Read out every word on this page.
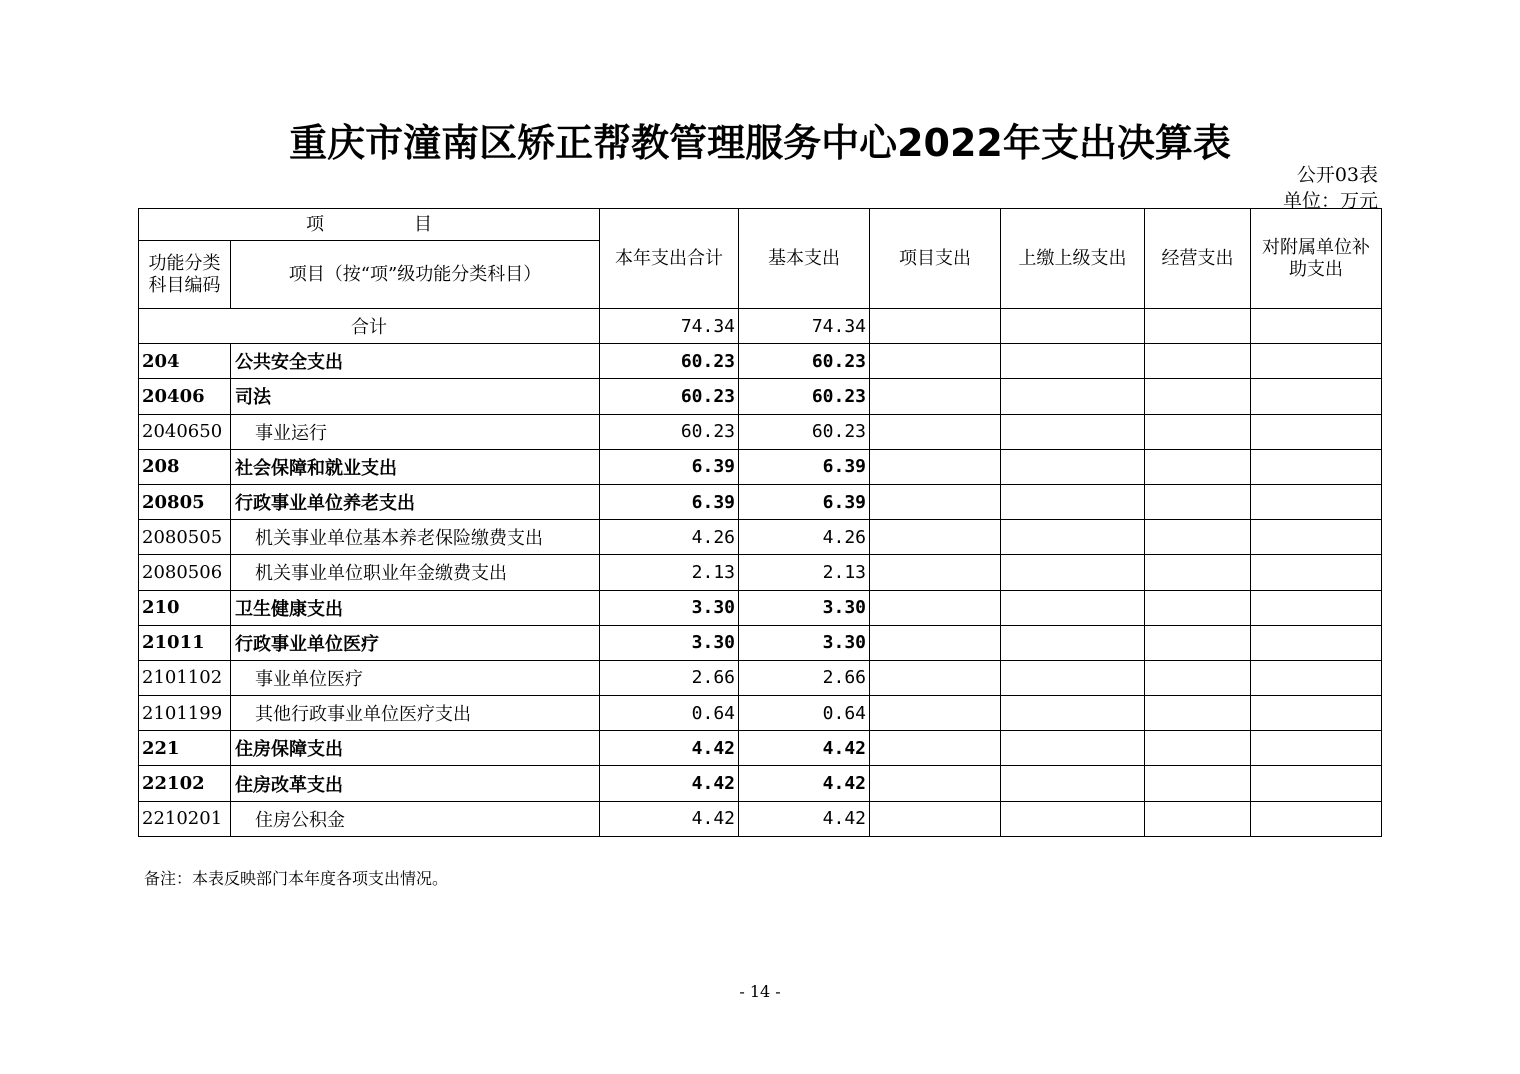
重庆市潼南区矫正帮教管理服务中心2022年支出决算表
公开03表
单位：万元
项　　　　　目		本年支出合计	基本支出	项目支出	上缴上级支出	经营支出	对附属单位补助支出
功能分类科目编码	项目（按“项”级功能分类科目）						
合计		74.34	74.34				
204	公共安全支出	60.23	60.23				
20406	司法	60.23	60.23				
2040650	事业运行	60.23	60.23				
208	社会保障和就业支出	6.39	6.39				
20805	行政事业单位养老支出	6.39	6.39				
2080505	机关事业单位基本养老保险缴费支出	4.26	4.26				
2080506	机关事业单位职业年金缴费支出	2.13	2.13				
210	卫生健康支出	3.30	3.30				
21011	行政事业单位医疗	3.30	3.30				
2101102	事业单位医疗	2.66	2.66				
2101199	其他行政事业单位医疗支出	0.64	0.64				
221	住房保障支出	4.42	4.42				
22102	住房改革支出	4.42	4.42				
2210201	住房公积金	4.42	4.42				
备注：本表反映部门本年度各项支出情况。
- 14 -
